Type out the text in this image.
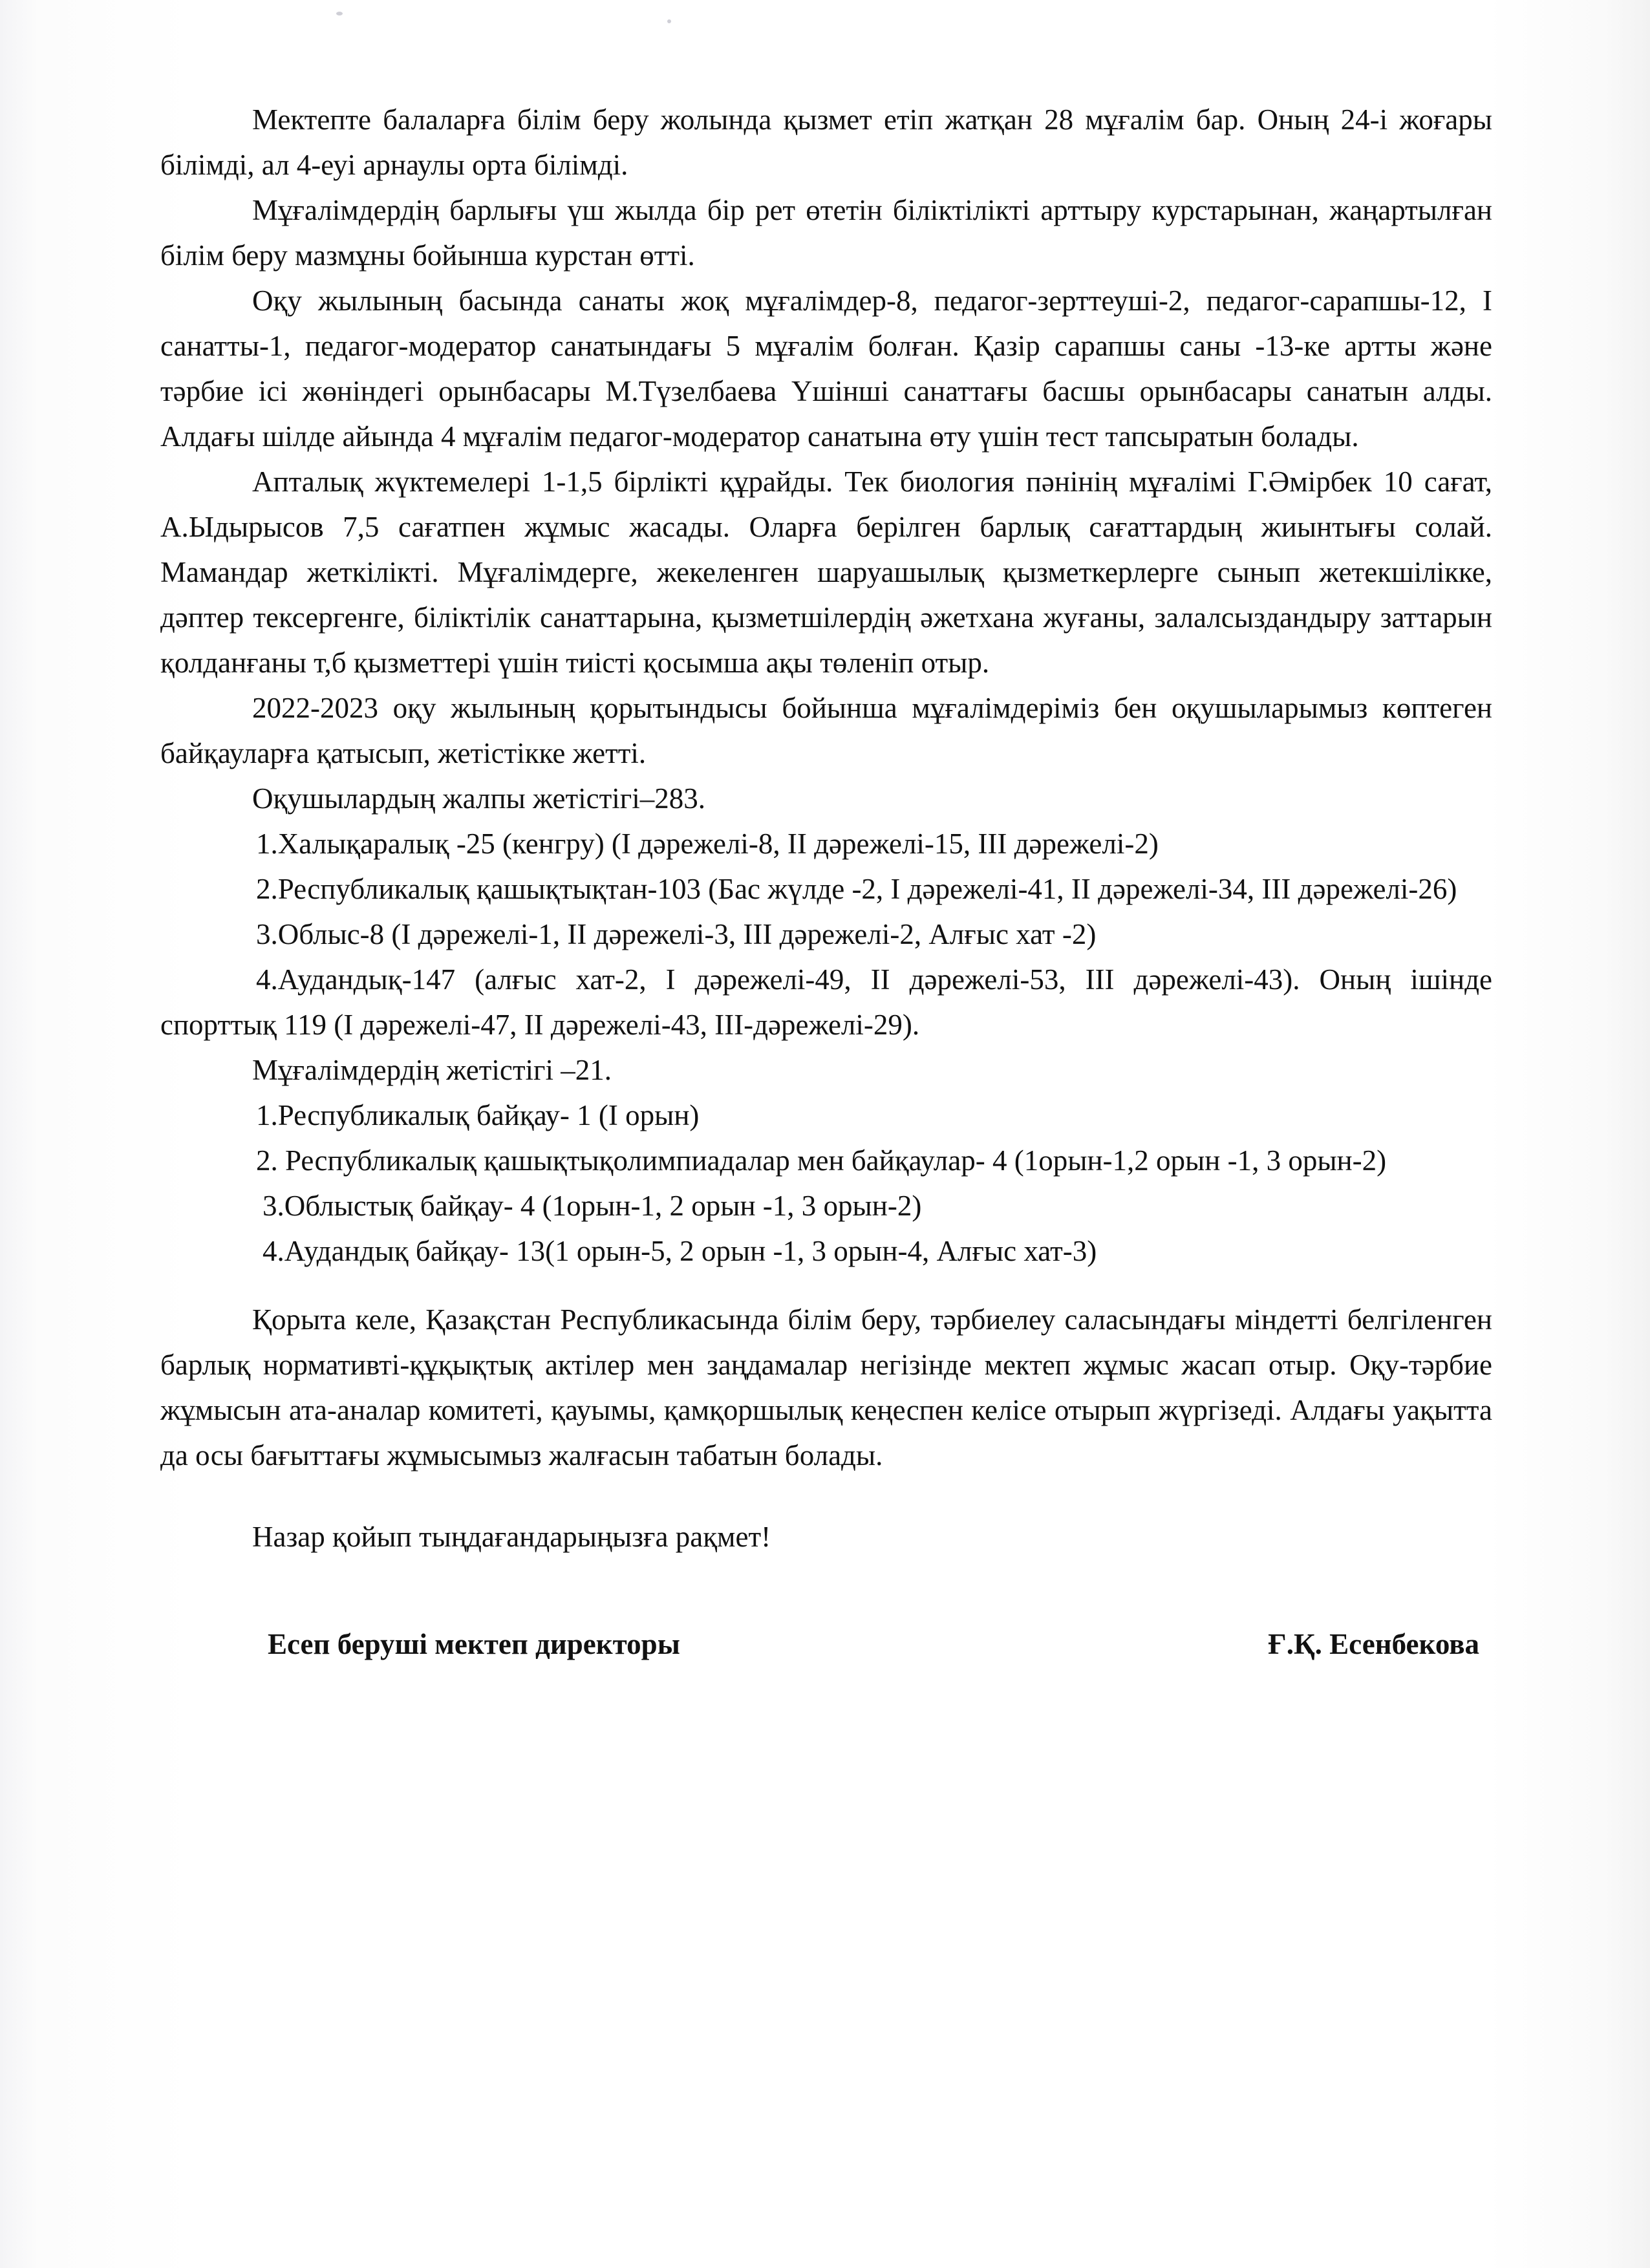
Мектепте балаларға білім беру жолында қызмет етіп жатқан 28 мұғалім бар. Оның 24-і жоғары білімді, ал 4-еуі арнаулы орта білімді.

Мұғалімдердің барлығы үш жылда бір рет өтетін біліктілікті арттыру курстарынан, жаңартылған білім беру мазмұны бойынша курстан өтті.

Оқу жылының басында санаты жоқ мұғалімдер-8, педагог-зерттеуші-2, педагог-сарапшы-12, I санатты-1, педагог-модератор санатындағы 5 мұғалім болған. Қазір сарапшы саны -13-ке артты және тәрбие ісі жөніндегі орынбасары М.Түзелбаева Үшінші санаттағы басшы орынбасары санатын алды. Алдағы шілде айында 4 мұғалім педагог-модератор санатына өту үшін тест тапсыратын болады.

Апталық жүктемелері 1-1,5 бірлікті құрайды. Тек биология пәнінің мұғалімі Г.Әмірбек 10 сағат, А.Ыдырысов 7,5 сағатпен жұмыс жасады. Оларға берілген барлық сағаттардың жиынтығы солай. Мамандар жеткілікті. Мұғалімдерге, жекеленген шаруашылық қызметкерлерге сынып жетекшілікке, дәптер тексергенге, біліктілік санаттарына, қызметшілердің әжетхана жуғаны, залалсыздандыру заттарын қолданғаны т,б қызметтері үшін тиісті қосымша ақы төленіп отыр.

2022-2023 оқу жылының қорытындысы бойынша мұғалімдеріміз бен оқушыларымыз көптеген байқауларға қатысып, жетістікке жетті.

Оқушылардың жалпы жетістігі–283.

1.Халықаралық -25 (кенгру) (I дәрежелі-8, II дәрежелі-15, III дәрежелі-2)

2.Республикалық қашықтықтан-103 (Бас жүлде -2, I дәрежелі-41, II дәрежелі-34, III дәрежелі-26)

3.Облыс-8 (I дәрежелі-1, II дәрежелі-3, III дәрежелі-2, Алғыс хат -2)

4.Аудандық-147 (алғыс хат-2, I дәрежелі-49, II дәрежелі-53, III дәрежелі-43). Оның ішінде спорттық 119 (I дәрежелі-47, II дәрежелі-43, III-дәрежелі-29).

Мұғалімдердің жетістігі –21.

1.Республикалық байқау- 1 (I орын)

2. Республикалық қашықтықолимпиадалар мен байқаулар- 4 (1орын-1,2 орын -1, 3 орын-2)

3.Облыстық байқау- 4 (1орын-1, 2 орын -1, 3 орын-2)

4.Аудандық байқау- 13(1 орын-5, 2 орын -1, 3 орын-4, Алғыс хат-3)

Қорыта келе, Қазақстан Республикасында білім беру, тәрбиелеу саласындағы міндетті белгіленген барлық нормативті-құқықтық актілер мен заңдамалар негізінде мектеп жұмыс жасап отыр. Оқу-тәрбие жұмысын ата-аналар комитеті, қауымы, қамқоршылық кеңеспен келісе отырып жүргізеді. Алдағы уақытта да осы бағыттағы жұмысымыз жалғасын табатын болады.

Назар қойып тыңдағандарыңызға рақмет!

Есеп беруші мектеп директоры	Ғ.Қ. Есенбекова
